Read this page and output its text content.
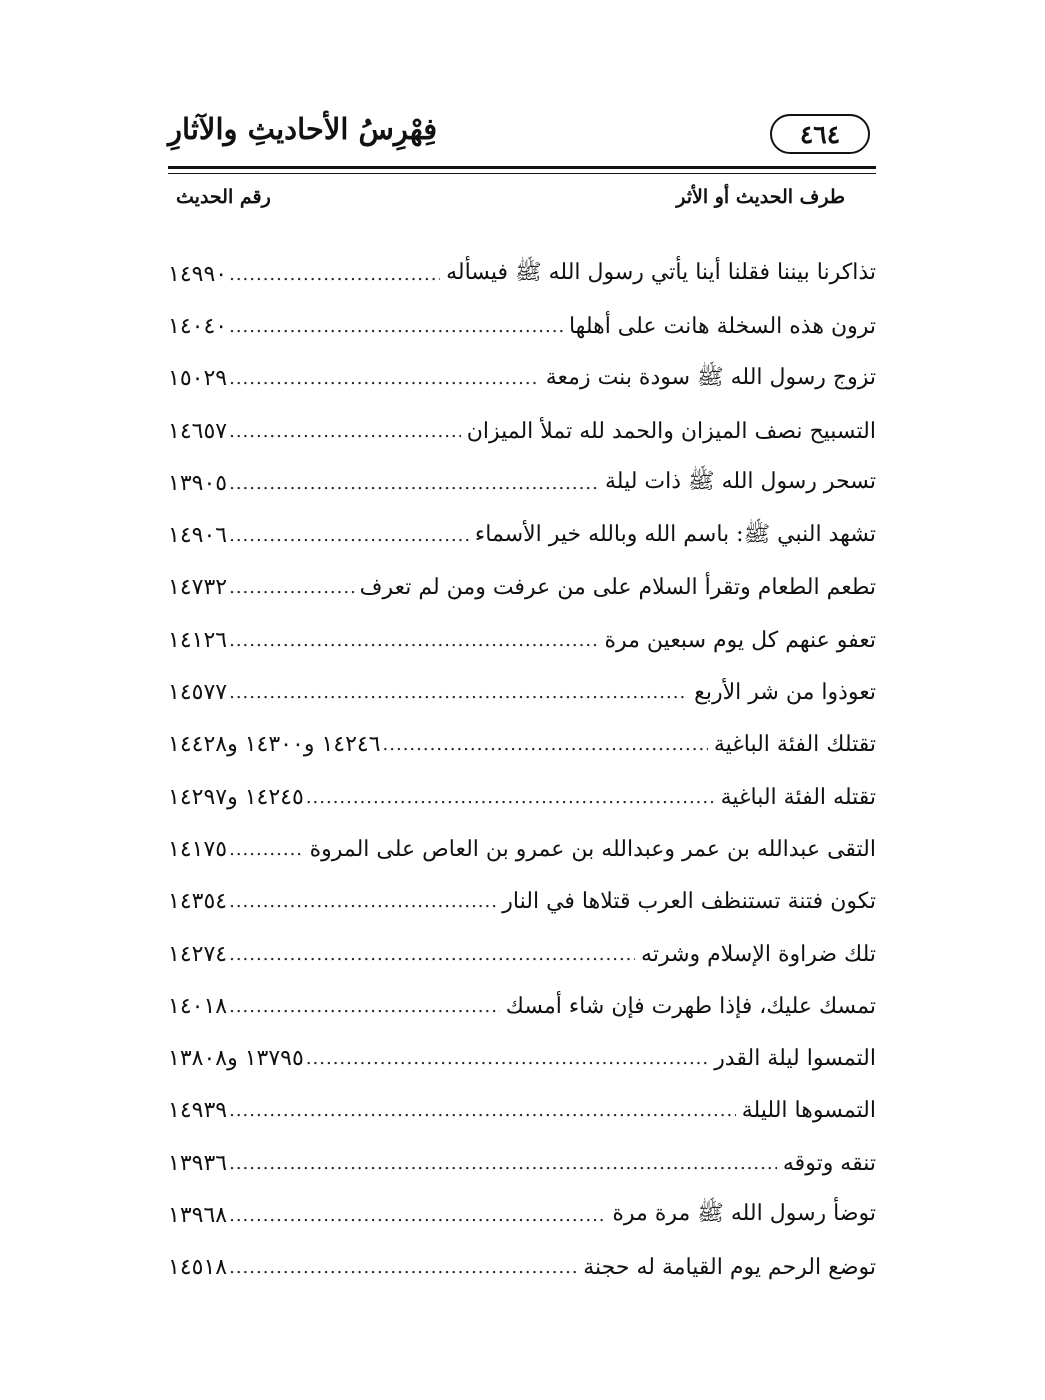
فِهْرِسُ الأحاديثِ والآثارِ	٤٦٤
طرف الحديث أو الأثر
رقم الحديث
تذاكرنا بيننا فقلنا أينا يأتي رسول الله ﷺ فيسأله
.....
١٤٩٩٠
ترون هذه السخلة هانت على أهلها
.....
١٤٠٤٠
تزوج رسول الله ﷺ سودة بنت زمعة
.....
١٥٠٢٩
التسبيح نصف الميزان والحمد لله تملأ الميزان
.....
١٤٦٥٧
تسحر رسول الله ﷺ ذات ليلة
.....
١٣٩٠٥
تشهد النبي ﷺ: باسم الله وبالله خير الأسماء
.....
١٤٩٠٦
تطعم الطعام وتقرأ السلام على من عرفت ومن لم تعرف
.....
١٤٧٣٢
تعفو عنهم كل يوم سبعين مرة
.....
١٤١٢٦
تعوذوا من شر الأربع
.....
١٤٥٧٧
تقتلك الفئة الباغية
.....
١٤٢٤٦ و١٤٣٠٠ و١٤٤٢٨
تقتله الفئة الباغية
.....
١٤٢٤٥ و١٤٢٩٧
التقى عبدالله بن عمر وعبدالله بن عمرو بن العاص على المروة
.....
١٤١٧٥
تكون فتنة تستنظف العرب قتلاها في النار
.....
١٤٣٥٤
تلك ضراوة الإسلام وشرته
.....
١٤٢٧٤
تمسك عليك، فإذا طهرت فإن شاء أمسك
.....
١٤٠١٨
التمسوا ليلة القدر
.....
١٣٧٩٥ و١٣٨٠٨
التمسوها الليلة
.....
١٤٩٣٩
تنقه وتوقه
.....
١٣٩٣٦
توضأ رسول الله ﷺ مرة مرة
.....
١٣٩٦٨
توضع الرحم يوم القيامة له حجنة
.....
١٤٥١٨
